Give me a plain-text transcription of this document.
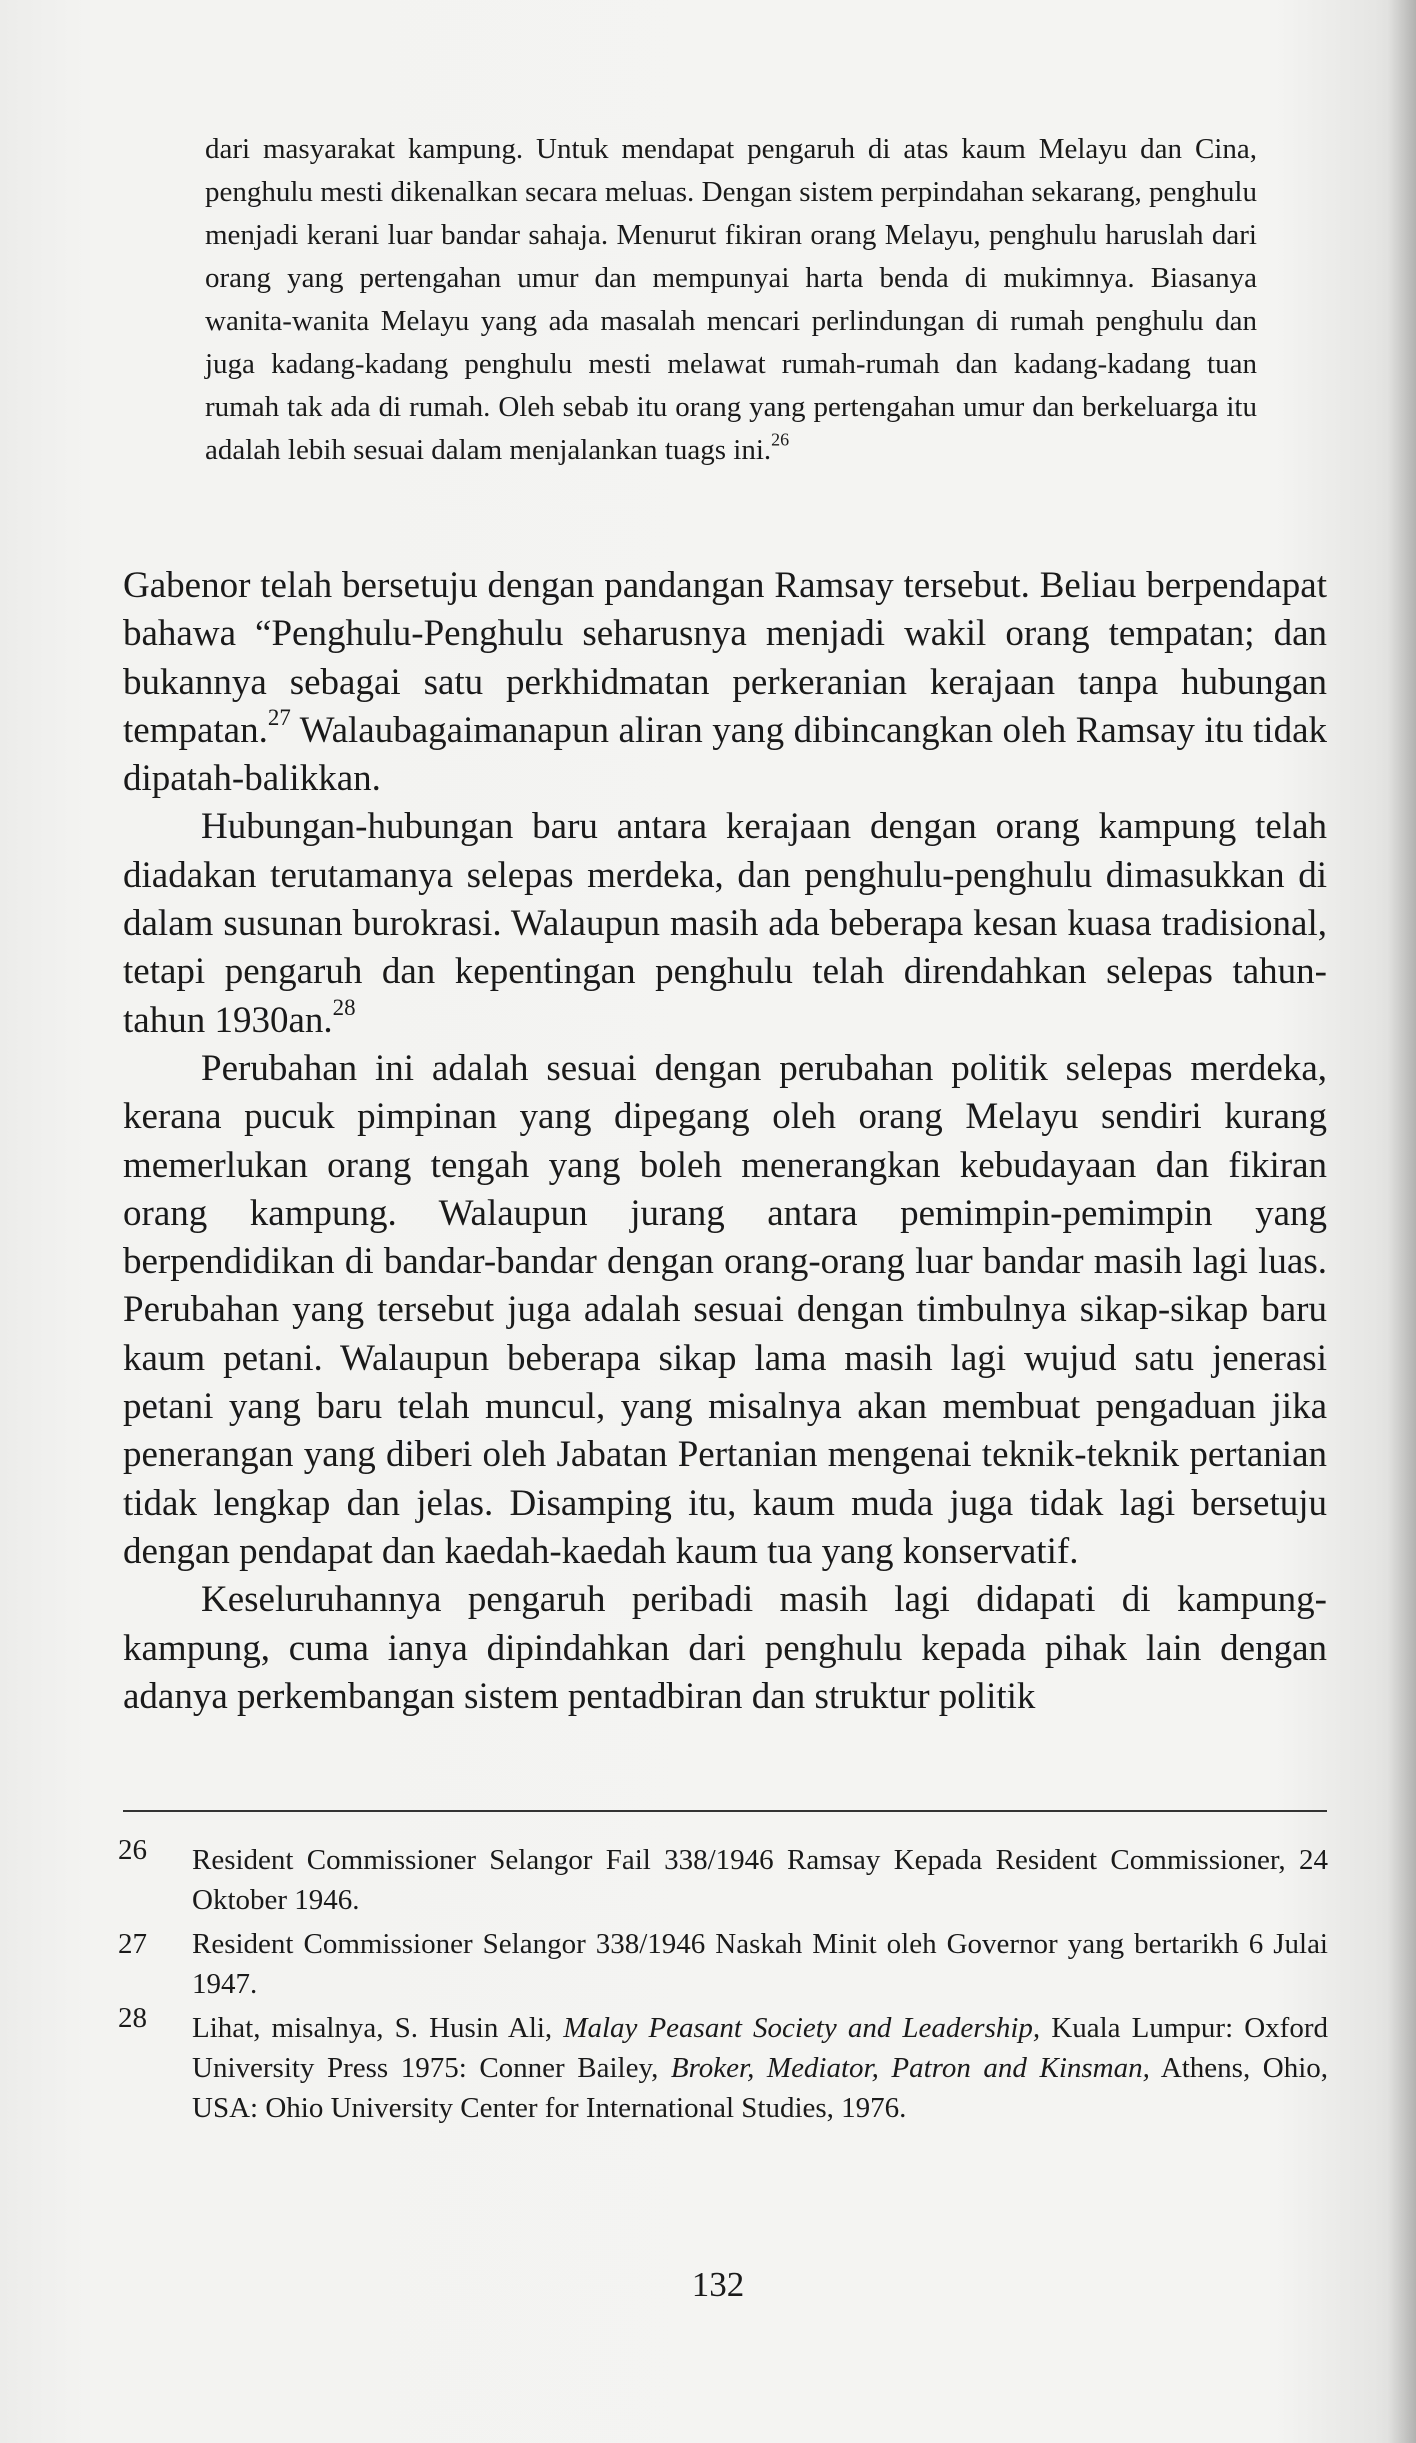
dari masyarakat kampung. Untuk mendapat pengaruh di atas kaum Melayu dan Cina, penghulu mesti dikenalkan secara meluas. Dengan sistem perpindahan sekarang, penghulu menjadi kerani luar bandar sahaja. Menurut fikiran orang Melayu, penghulu haruslah dari orang yang pertengahan umur dan mempunyai harta benda di mukimnya. Biasanya wanita-wanita Melayu yang ada masalah mencari perlindungan di rumah penghulu dan juga kadang-kadang penghulu mesti melawat rumah-rumah dan kadang-kadang tuan rumah tak ada di rumah. Oleh sebab itu orang yang pertengahan umur dan berkeluarga itu adalah lebih sesuai dalam menjalankan tuags ini.$^{26}$

Gabenor telah bersetuju dengan pandangan Ramsay tersebut. Beliau berpendapat bahawa “Penghulu-Penghulu seharusnya menjadi wakil orang tempatan; dan bukannya sebagai satu perkhidmatan perkeranian kerajaan tanpa hubungan tempatan.$^{27}$ Walaubagaimanapun aliran yang dibincangkan oleh Ramsay itu tidak dipatah-balikkan.

Hubungan-hubungan baru antara kerajaan dengan orang kampung telah diadakan terutamanya selepas merdeka, dan penghulu-penghulu dimasukkan di dalam susunan burokrasi. Walaupun masih ada beberapa kesan kuasa tradisional, tetapi pengaruh dan kepentingan penghulu telah direndahkan selepas tahun-tahun 1930an.$^{28}$

Perubahan ini adalah sesuai dengan perubahan politik selepas merdeka, kerana pucuk pimpinan yang dipegang oleh orang Melayu sendiri kurang memerlukan orang tengah yang boleh menerangkan kebudayaan dan fikiran orang kampung. Walaupun jurang antara pemimpin-pemimpin yang berpendidikan di bandar-bandar dengan orang-orang luar bandar masih lagi luas. Perubahan yang tersebut juga adalah sesuai dengan timbulnya sikap-sikap baru kaum petani. Walaupun beberapa sikap lama masih lagi wujud satu jenerasi petani yang baru telah muncul, yang misalnya akan membuat pengaduan jika penerangan yang diberi oleh Jabatan Pertanian mengenai teknik-teknik pertanian tidak lengkap dan jelas. Disamping itu, kaum muda juga tidak lagi bersetuju dengan pendapat dan kaedah-kaedah kaum tua yang konservatif.

Keseluruhannya pengaruh peribadi masih lagi didapati di kampung-kampung, cuma ianya dipindahkan dari penghulu kepada pihak lain dengan adanya perkembangan sistem pentadbiran dan struktur politik

26	Resident Commissioner Selangor Fail 338/1946 Ramsay Kepada Resident Commissioner, 24 Oktober 1946.
27	Resident Commissioner Selangor 338/1946 Naskah Minit oleh Governor yang bertarikh 6 Julai 1947.
28	Lihat, misalnya, S. Husin Ali, Malay Peasant Society and Leadership, Kuala Lumpur: Oxford University Press 1975: Conner Bailey, Broker, Mediator, Patron and Kinsman, Athens, Ohio, USA: Ohio University Center for International Studies, 1976.

132
